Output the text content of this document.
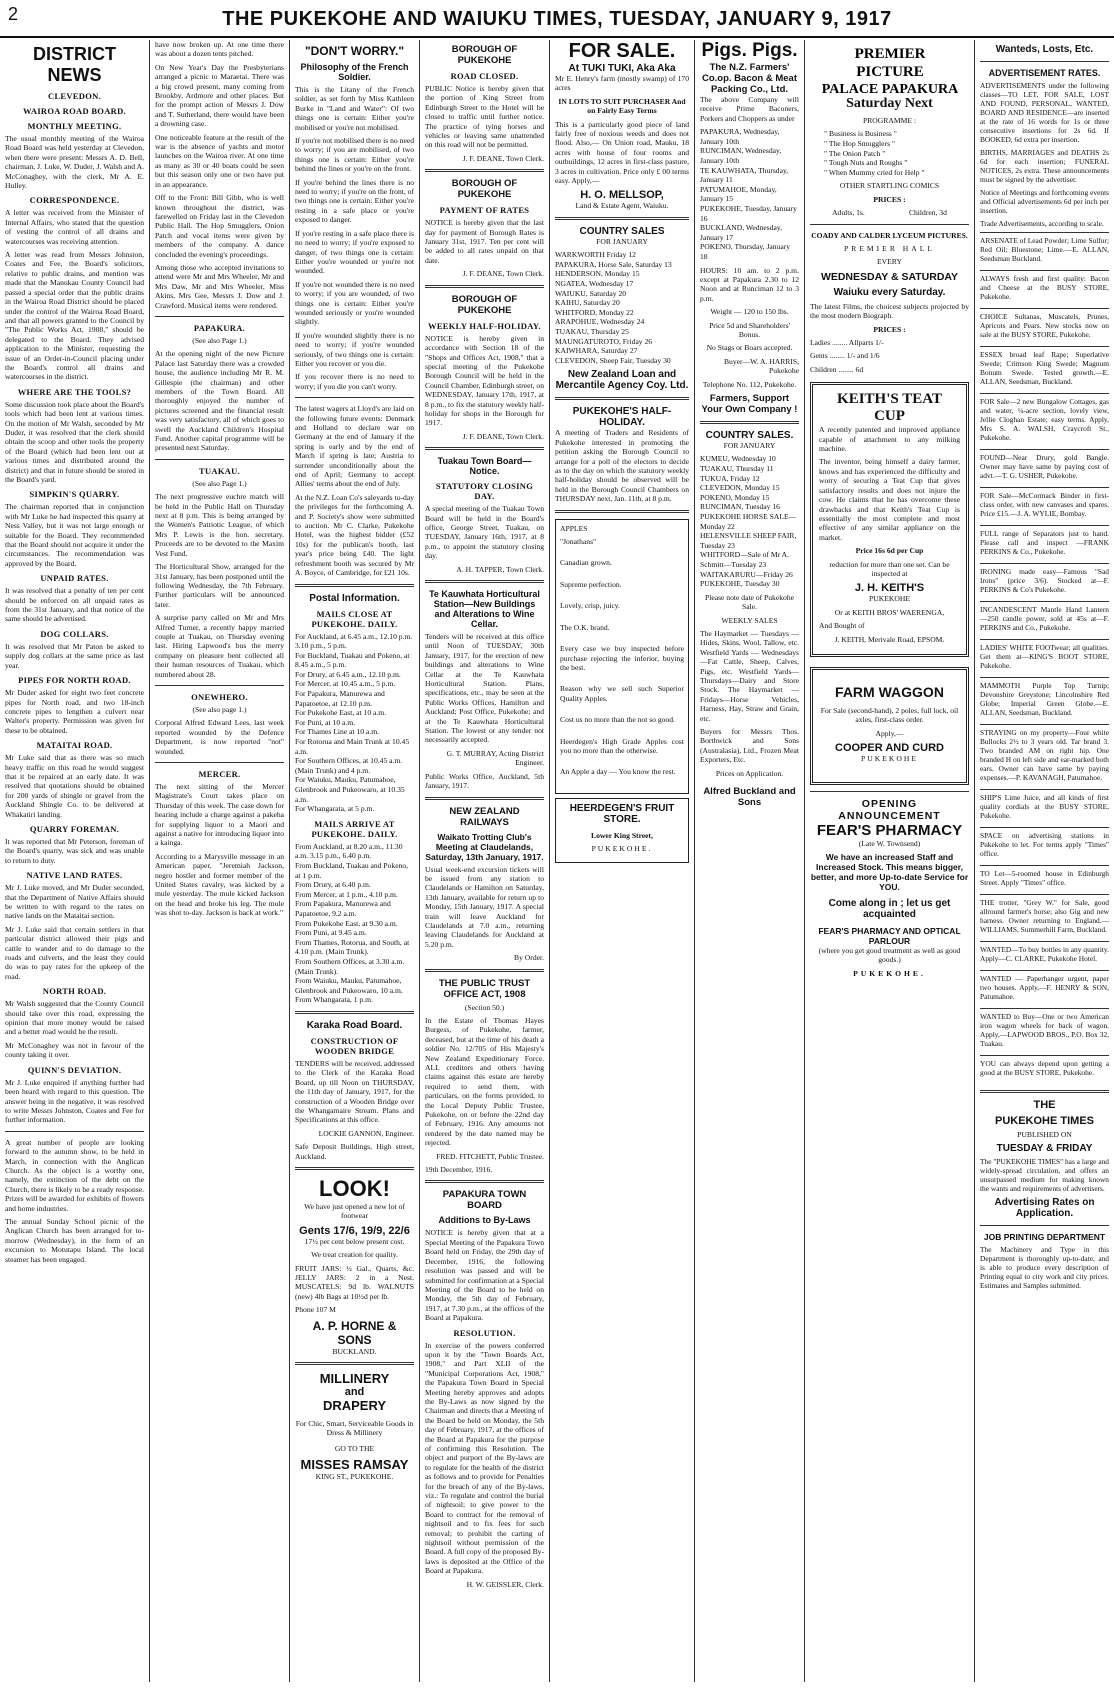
2	THE PUKEKOHE AND WAIUKU TIMES, TUESDAY, JANUARY 9, 1917
DISTRICT NEWS
CLEVEDON.
WAIROA ROAD BOARD.
MONTHLY MEETING.

The usual monthly meeting of the Wairoa Road Board was held yesterday at Clevedon, when there were present: Messrs A. D. Bell, chairman, J. Luke, W. Duder, J. Walsh and A. McConaghey, with the clerk, Mr A. E. Hulley.

CORRESPONDENCE.

A letter was received from the Minister of Internal Affairs, who stated that the question of vesting the control of all drains and watercourses was receiving attention.

A letter was read from Messrs Johnston, Coates and Fee, the Board's solicitors, relative to public drains, and mention was made that the Manukau County Council had passed a special order that the public drains in the Wairoa Road District should be placed under the control of the Wairoa Road Board, and that all powers granted to the Council by "The Public Works Act, 1908," should be delegated to the Board. They advised application to the Minister, requesting the issue of an Order-in-Council placing under the Board's control all drains and watercourses in the district.

WHERE ARE THE TOOLS?

Some discussion took place about the Board's tools which had been lent at various times. On the motion of Mr Walsh, seconded by Mr Duder, it was resolved that the clerk should obtain the scoop and other tools the property of the Board (which had been lent out at various times and distributed around the district) and that in future should be stored in the Board's yard.

SIMPKIN'S QUARRY.

The chairman reported that in conjunction with Mr Luke he had inspected this quarry at Ness Valley, but it was not large enough or suitable for the Board. They recommended that the Board should not acquire it under the circumstances. The recommendation was approved by the Board.

UNPAID RATES.

It was resolved that a penalty of ten per cent should be enforced on all unpaid rates as from the 31st January, and that notice of the same should be advertised.

DOG COLLARS.

It was resolved that Mr Paton be asked to supply dog collars at the same price as last year.

PIPES FOR NORTH ROAD.

Mr Duder asked for eight two feet concrete pipes for North road, and two 18-inch concrete pipes to lengthen a culvert near Walter's property. Permission was given for these to be obtained.

MATAITAI ROAD.

Mr Luke said that as there was so much heavy traffic on this road he would suggest that it be repaired at an early date. It was resolved that quotations should be obtained for 200 yards of shingle or gravel from the Auckland Shingle Co. to be delivered at Whakatiri landing.

QUARRY FOREMAN.

It was reported that Mr Peterson, foreman of the Board's quarry, was sick and was unable to return to duty.

NATIVE LAND RATES.

Mr J. Luke moved, and Mr Duder seconded, that the Department of Native Affairs should be written to with regard to the rates on native lands on the Mataitai section.

Mr J. Luke said that certain settlers in that particular district allowed their pigs and cattle to wander and to do damage to the roads and culverts, and the least they could do was to pay rates for the upkeep of the road.

NORTH ROAD.

Mr Walsh suggested that the County Council should take over this road, expressing the opinion that more money would be raised and a better road would be the result.

Mr McConaghey was not in favour of the county taking it over.

QUINN'S DEVIATION.

Mr J. Luke enquired if anything further had been heard with regard to this question. The answer being in the negative, it was resolved to write Messrs Johnston, Coates and Fee for further information.

A great number of people are looking forward to the autumn show, to be held in March, in connection with the Anglican Church. As the object is a worthy one, namely, the extinction of the debt on the Church, there is likely to be a ready response. Prizes will be awarded for exhibits of flowers and home industries.

The annual Sunday School picnic of the Anglican Church has been arranged for to-morrow (Wednesday), in the form of an excursion to Motutapu Island. The local steamer has been engaged.

have now broken up. At one time there was about a dozen tents pitched.

On New Year's Day the Presbyterians arranged a picnic to Maraetai. There was a big crowd present, many coming from Brookby, Ardmore and other places. But for the prompt action of Messrs J. Dow and T. Sutherland, there would have been a drowning case.

One noticeable feature at the result of the war is the absence of yachts and motor launches on the Wairoa river. At one time as many as 30 or 40 boats could be seen but this season only one or two have put in an appearance.

Off to the Front: Bill Gibb, who is well known throughout the district, was farewelled on Friday last in the Clevedon Public Hall. The Hop Smugglers, Onion Patch and vocal items were given by members of the company. A dance concluded the evening's proceedings.

Among those who accepted invitations to attend were Mr and Mrs Wheeler, Mr and Mrs Daw, Mr and Mrs Wheeler, Miss Akins, Mrs Gee, Messrs J. Dow and J. Crawford. Musical items were rendered.

PAPAKURA.
(See also Page 1.)

At the opening night of the new Picture Palace last Saturday there was a crowded house, the audience including Mr R. M. Gillespie (the chairman) and other members of the Town Board. All thoroughly enjoyed the number of pictures screened and the financial result was very satisfactory, all of which goes to swell the Auckland Children's Hospital Fund. Another capital programme will be presented next Saturday.

TUAKAU.
(See also Page 1.)

The next progressive euchre match will be held in the Public Hall on Thursday next at 8 p.m. This is being arranged by the Women's Patriotic League, of which Mrs P. Lewis is the hon. secretary. Proceeds are to be devoted to the Maxim Vest Fund.

The Horticultural Show, arranged for the 31st January, has been postponed until the following Wednesday, the 7th February. Further particulars will be announced later.

A surprise party called on Mr and Mrs Alfred Turner, a recently happy married couple at Tuakau, on Thursday evening last. Hiring Lapwood's bus the merry company on pleasure bent collected all their human resources of Tuakau, which numbered about 28.

ONEWHERO.
(See also page 1.)

Corporal Alfred Edward Lees, last week reported wounded by the Defence Department, is now reported "not" wounded.

MERCER.

The next sitting of the Mercer Magistrate's Court takes place on Thursday of this week. The case down for hearing include a charge against a pakeha for supplying liquor to a Maori and against a native for introducing liquor into a kainga.

According to a Marysville message in an American paper, "Jeremiah Jackson, negro hostler and former member of the United States cavalry, was kicked by a mule yesterday. The mule kicked Jackson on the head and broke his leg. The mule was shot to-day. Jackson is back at work."

"DON'T WORRY."
Philosophy of the French Soldier.

This is the Litany of the French soldier, as set forth by Miss Kathleen Burke in "Land and Water": Of two things one is certain: Either you're mobilised or you're not mobilised.

If you're not mobilised there is no need to worry; if you are mobilised, of two things one is certain: Either you're behind the lines or you're on the front.

If you're behind the lines there is no need to worry; if you're on the front, of two things one is certain: Either you're resting in a safe place or you're exposed to danger.

If you're resting in a safe place there is no need to worry; if you're exposed to danger, of two things one is certain: Either you're wounded or you're not wounded.

If you're not wounded there is no need to worry; if you are wounded, of two things one is certain: Either you're wounded seriously or you're wounded slightly.

If you're wounded slightly there is no need to worry; if you're wounded seriously, of two things one is certain: Either you recover or you die.

If you recover there is no need to worry; if you die you can't worry.

The latest wagers at Lloyd's are laid on the following future events: Denmark and Holland to declare war on Germany at the end of January if the spring is early and by the end of March if spring is late; Austria to surrender unconditionally about the end of April; Germany to accept Allies' terms about the end of July.

At the N.Z. Loan Co's saleyards to-day the privileges for the forthcoming A. and P. Society's show were submitted to auction. Mr C. Clarke, Pukekohe Hotel, was the highest bidder (£52 10s) for the publican's booth, last year's price being £40. The light refreshment booth was secured by Mr A. Boyce, of Cambridge, for £21 10s.

Postal Information.
MAILS CLOSE AT PUKEKOHE. DAILY.
For Auckland, at 6.45 a.m., 12.10 p.m. 3.10 p.m., 5 p.m.
For Buckland, Tuakau and Pokeno, at 8.45 a.m., 5 p.m.
For Drury, at 6.45 a.m., 12.10 p.m.
For Mercer, at 10.45 a.m., 5 p.m.
For Papakura, Manurewa and Papatoetoe, at 12.10 p.m.
For Pukekohe East, at 10 a.m.
For Puni, at 10 a.m.
For Thames Line at 10 a.m.
For Rotorua and Main Trunk at 10.45 a.m.
For Southern Offices, at 10.45 a.m. (Main Trunk) and 4 p.m.
For Waiuku, Mauku, Patumahoe, Glenbrook and Pukeowaro, at 10.35 a.m.
For Whangarata, at 5 p.m.
MAILS ARRIVE AT PUKEKOHE. DAILY.
From Auckland, at 8.20 a.m., 11.30 a.m. 3.15 p.m., 6.40 p.m.
From Buckland, Tuakau and Pokeno, at 1 p.m.
From Drury, at 6.40 p.m.
From Mercer, at 1 p.m., 4.10 p.m.
From Papakura, Manurewa and Papatoetoe, 9.2 a.m.
From Pukekohe East, at 9.30 a.m.
From Puni, at 9.45 a.m.
From Thames, Rotorua, and South, at 4.10 p.m. (Main Trunk).
From Southern Offices, at 3.30 a.m. (Main Trunk).
From Waiuku, Mauku, Patumahoe, Glenbrook and Pukeowaro, 10 a.m.
From Whangarata, 1 p.m.
Karaka Road Board.
CONSTRUCTION OF WOODEN BRIDGE

TENDERS will be received, addressed to the Clerk of the Karaka Road Board, up till Noon on THURSDAY, the 11th day of January, 1917, for the construction of a Wooden Bridge over the Whangamaire Stream. Plans and Specifications at this office.

LOCKIE GANNON, Engineer.
Safe Deposit Buildings, High street, Auckland.
LOOK!
We have just opened a new lot of footwear
Gents 17/6, 19/9, 22/6
17½ per cent below present cost.
We treat creation for quality.

FRUIT JARS: ½ Gal., Quarts, &c. JELLY JARS: 2 in a Nest. MUSCATELS: 9d lb. WALNUTS (new) 4lb Bags at 10½d per lb.

Phone 107 M
A. P. HORNE & SONS
BUCKLAND.
MILLINERY
and
DRAPERY
For Chic, Smart, Serviceable Goods in Dress & Millinery
GO TO THE
MISSES RAMSAY
KING ST., PUKEKOHE.
BOROUGH OF PUKEKOHE
ROAD CLOSED.

PUBLIC Notice is hereby given that the portion of King Street from Edinburgh Street to the Hotel will be closed to traffic until further notice. The practice of tying horses and vehicles or leaving same unattended on this road will not be permitted.

J. F. DEANE, Town Clerk.
BOROUGH OF PUKEKOHE
PAYMENT OF RATES

NOTICE is hereby given that the last day for payment of Borough Rates is January 31st, 1917. Ten per cent will be added to all rates unpaid on that date.

J. F. DEANE, Town Clerk.
BOROUGH OF PUKEKOHE
WEEKLY HALF-HOLIDAY.

NOTICE is hereby given in accordance with Section 18 of the "Shops and Offices Act, 1908," that a special meeting of the Pukekohe Borough Council will be held in the Council Chamber, Edinburgh street, on WEDNESDAY, January 17th, 1917, at 8 p.m., to fix the statutory weekly half-holiday for shops in the Borough for 1917.

J. F. DEANE, Town Clerk.
Tuakau Town Board—Notice.
STATUTORY CLOSING DAY.

A special meeting of the Tuakau Town Board will be held in the Board's office, George Street, Tuakau, on TUESDAY, January 16th, 1917, at 8 p.m., to appoint the statutory closing day.

A. H. TAPPER, Town Clerk.
Te Kauwhata Horticultural Station—New Buildings and Alterations to Wine Cellar.

Tenders will be received at this office until Noon of TUESDAY, 30th January, 1917, for the erection of new buildings and alterations to Wine Cellar at the Te Kauwhata Horticultural Station. Plans, specifications, etc., may be seen at the Public Works Offices, Hamilton and Auckland; Post Office, Pukekohe; and at the Te Kauwhata Horticultural Station. The lowest or any tender not necessarily accepted.

G. T. MURRAY, Acting District Engineer.
Public Works Office, Auckland, 5th January, 1917.
NEW ZEALAND RAILWAYS
Waikato Trotting Club's Meeting at Claudelands, Saturday, 13th January, 1917.

Usual week-end excursion tickets will be issued from any station to Claudelands or Hamilton on Saturday, 13th January, available for return up to Monday, 15th January, 1917. A special train will leave Auckland for Claudelands at 7.0 a.m., returning leaving Claudelands for Auckland at 5.20 p.m.

By Order.
THE PUBLIC TRUST OFFICE ACT, 1908
(Section 50.)

In the Estate of Thomas Hayes Burgess, of Pukekohe, farmer, deceased, but at the time of his death a soldier No. 12/705 of His Majesty's New Zealand Expeditionary Force. ALL creditors and others having claims against this estate are hereby required to send them, with particulars, on the forms provided, to the Local Deputy Public Trustee, Pukekohe, on or before the 22nd day of February, 1916. Any amounts not rendered by the date named may be rejected.

FRED. FITCHETT, Public Trustee.
19th December, 1916.
PAPAKURA TOWN BOARD
Additions to By-Laws

NOTICE is hereby given that at a Special Meeting of the Papakura Town Board held on Friday, the 29th day of December, 1916, the following resolution was passed and will be submitted for confirmation at a Special Meeting of the Board to be held on Monday, the 5th day of February, 1917, at 7.30 p.m., at the offices of the Board at Papakura.

RESOLUTION.

In exercise of the powers conferred upon it by the "Town Boards Act, 1908," and Part XLII of the "Municipal Corporations Act, 1908," the Papakura Town Board in Special Meeting hereby approves and adopts the By-Laws as now signed by the Chairman and directs that a Meeting of the Board be held on Monday, the 5th day of February, 1917, at the offices of the Board at Papakura for the purpose of confirming this Resolution. The object and purport of the By-laws are to regulate for the health of the district as follows and to provide for Penalties for the breach of any of the By-laws, viz.: To regulate and control the burial of nightsoil; to give power to the Board to contract for the removal of nightsoil and to fix fees for such removal; to prohibit the carting of nightsoil without permission of the Board. A full copy of the proposed By-laws is deposited at the Office of the Board at Papakura.

H. W. GEISSLER, Clerk.
FOR SALE.
At TUKI TUKI, Aka Aka

Mr E. Henry's farm (mostly swamp) of 170 acres

IN LOTS TO SUIT PURCHASER And on Fairly Easy Terms

This is a particularly good piece of land fairly free of noxious weeds and does not flood. Also,— On Union road, Mauku, 18 acres with house of four rooms and outbuildings, 12 acres in first-class pasture, 3 acres in cultivation. Price only £ 00 terms easy. Apply,—

H. O. MELLSOP,
Land & Estate Agent, Waiuku.
COUNTRY SALES
FOR JANUARY
WARKWORTH Friday 12
PAPAKURA, Horse Sale, Saturday 13
HENDERSON, Monday 15
NGATEA, Wednesday 17
WAIUKU, Saturday 20
KAIHU, Saturday 20
WHITFORD, Monday 22
ARAPOHUE, Wednesday 24
TUAKAU, Thursday 25
MAUNGATUROTO, Friday 26
KAIWHARA, Saturday 27
CLEVEDON, Sheep Fair, Tuesday 30
New Zealand Loan and Mercantile Agency Coy. Ltd.
PUKEKOHE'S HALF-HOLIDAY.

A meeting of Traders and Residents of Pukekohe interested in promoting the petition asking the Borough Council to arrange for a poll of the electors to decide as to the day on which the statutory weekly half-holiday should be observed will be held in the Borough Council Chambers on THURSDAY next, Jan. 11th, at 8 p.m.

APPLES
"Jonathans"
Canadian grown.
Supreme perfection.
Lovely, crisp, juicy.
The O.K. brand.
Every case we buy inspected before purchase rejecting the inferior, buying the best.
Reason why we sell such Superior Quality Apples.
Cost us no more than the not so good.
Heerdegen's High Grade Apples cost you no more than the otherwise.
An Apple a day — You know the rest.
HEERDEGEN'S FRUIT
STORE.
Lower King Street,
PUKEKOHE.
Pigs. Pigs.
The N.Z. Farmers' Co.op. Bacon & Meat Packing Co., Ltd.

The above Company will receive Prime Baconers, Porkers and Choppers as under

PAPAKURA, Wednesday, January 10th
RUNCIMAN, Wednesday, January 10th
TE KAUWHATA, Thursday, January 11
PATUMAHOE, Monday, January 15
PUKEKOHE, Tuesday, January 16
BUCKLAND, Wednesday, January 17
POKENO, Thursday, January 18

HOURS: 10 am. to 2 p.m. except at Papakura 2.30 to 12 Noon and at Runciman 12 to 3 p.m.

Weight — 120 to 150 lbs.
Price 5d and Shareholders' Bonus.
No Stags or Boars accepted.
Buyer—W. A. HARRIS, Pukekohe
Telephone No. 112, Pukekohe.
Farmers, Support Your Own Company !
COUNTRY SALES.
FOR JANUARY
KUMEU, Wednesday 10
TUAKAU, Thursday 11
TUKUA, Friday 12
CLEVEDON, Monday 15
POKENO, Monday 15
RUNCIMAN, Tuesday 16
PUKEKOHE HORSE SALE—Monday 22
HELENSVILLE SHEEP FAIR, Tuesday 23
WHITFORD—Sale of Mr A. Schmitt—Tuesday 23
WAITAKARURU—Friday 26
PUKEKOHE, Tuesday 30
Please note date of Pukekohe Sale.
WEEKLY SALES

The Haymarket — Tuesdays — Hides, Skins, Wool, Tallow, etc. Westfield Yards — Wednesdays—Fat Cattle, Sheep, Calves, Pigs, etc. Westfield Yards—Thursdays—Dairy and Store Stock. The Haymarket — Fridays—Horse Vehicles, Harness, Hay, Straw and Grain, etc.

Buyers for Messrs Thos. Borthwick and Sons (Australasia), Ltd., Frozen Meat Exporters, Etc.

Prices on Application.
Alfred Buckland and Sons
PREMIER
PICTURE
PALACE PAPAKURA
Saturday Next
PROGRAMME :
" Business is Business "
" The Hop Smugglers "
" The Onion Patch "
" Tough Nuts and Roughs "
" When Mummy cried for Help "
OTHER STARTLING COMICS
PRICES :
Adults, 1s.	Children, 3d
COADY AND CALDER LYCEUM PICTURES.
PREMIER HALL
EVERY
WEDNESDAY & SATURDAY
Waiuku every Saturday.

The latest Films, the choicest subjects projected by the most modern Biograph.

PRICES :
Ladies ........ Allparts 1/-
Gents ........ 1/- and 1/6
Children ........ 6d
KEITH'S TEAT
CUP

A recently patented and improved appliance capable of attachment to any milking machine.

The inventor, being himself a dairy farmer, knows and has experienced the difficulty and worry of securing a Teat Cup that gives satisfactory results and does not injure the cow. He claims that he has overcome these drawbacks and that Keith's Teat Cup is essentially the most complete and most effective of any similar appliance on the market.

Price 16s 6d per Cup
reduction for more than one set. Can be inspected at
J. H. KEITH'S
PUKEKOHE
Or at KEITH BROS' WAERENGA,
And Bought of
J. KEITH, Merivale Road, EPSOM.
FARM WAGGON

For Sale (second-hand), 2 poles, full lock, oil axles, first-class order.

Apply,—
COOPER AND CURD
PUKEKOHE
OPENING ANNOUNCEMENT
FEAR'S PHARMACY
(Late W. Townsend)
We have an increased Staff and Increased Stock. This means bigger, better, and more Up-to-date Service for YOU.
Come along in ; let us get acquainted
FEAR'S PHARMACY AND OPTICAL PARLOUR
(where you get good treatment as well as good goods.)
PUKEKOHE.
Wanteds, Losts, Etc.
ADVERTISEMENT RATES.

ADVERTISEMENTS under the following classes—TO LET, FOR SALE, LOST AND FOUND, PERSONAL, WANTED, BOARD AND RESIDENCE—are inserted at the rate of 16 words for 1s or three consecutive insertions for 2s 6d. If BOOKED, 6d extra per insertion.

BIRTHS, MARRIAGES and DEATHS 2s 6d for each insertion; FUNERAL NOTICES, 2s extra. These announcements must be signed by the advertiser.

Notice of Meetings and forthcoming events and Official advertisements 6d per inch per insertion.

Trade Advertisements, according to scale.

ARSENATE of Lead Powder; Lime Sulfur; Red Oil; Bluestone; Lime.—E. ALLAN, Seedsman Buckland.

ALWAYS fresh and first quality: Bacon and Cheese at the BUSY STORE, Pukekohe.

CHOICE Sultanas, Muscatels, Prunes, Apricots and Pears. New stocks now on sale at the BUSY STORE, Pukekohe.

ESSEX broad leaf Rape; Superlative Swede; Crimson King Swede; Magnum Bonum Swede. Tested growth.—E. ALLAN, Seedsman, Buckland.

FOR Sale—2 new Bungalow Cottages, gas and water, ¼-acre section, lovely view, Jellie Cloghan Estate; easy terms. Apply, Mrs S. A. WALSH, Craycroft St., Pukekohe.

FOUND—Near Drury, gold Bangle. Owner may have same by paying cost of advt.—T. G. USHER, Pukekohe.

FOR Sale—McCormack Binder in first-class order, with new canvases and spares. Price £15.—J. A. WYLIE, Bombay.

FULL range of Separators just to hand. Please call and inspect —FRANK PERKINS & Co., Pukekohe.

IRONING made easy—Famous "Sad Irons" (price 3/6). Stocked at—F. PERKINS & Co's Pukekohe.

INCANDESCENT Mantle Hand Lantern—250 candle power, sold at 45s at—F. PERKINS and Co., Pukekohe.

LADIES' WHITE FOOTwear; all qualities. Get them at—KING'S BOOT STORE, Pukekohe.

MAMMOTH Purple Top Turnip; Devonshire Greystone; Lincolnshire Red Globe; Imperial Green Globe.—E. ALLAN, Seedsman, Buckland.

STRAYING on my property—Four white Bullocks 2½ to 3 years old. Tar brand 3. Two branded AM on right hip. One branded H on left side and ear-marked both ears. Owner can have same by paying expenses.—P. KAVANAGH, Patumahoe.

SHIP'S Lime Juice, and all kinds of first quality cordials at the BUSY STORE, Pukekohe.

SPACE on advertising stations in Pukekohe to let. For terms apply "Times" office.

TO Let—5-roomed house in Edinburgh Street. Apply "Times" office.

THE trotter, "Grey W." for Sale, good allround farmer's horse; also Gig and new harness. Owner returning to England.—WILLIAMS, Summerhill Farm, Buckland.

WANTED—To buy bottles in any quantity. Apply—C. CLARKE, Pukekohe Hotel.

WANTED — Paperhanger urgent, paper two houses. Apply,—F. HENRY & SON, Patumahoe.

WANTED to Buy—One or two American iron wagon wheels for back of wagon. Apply,—LAPWOOD BROS., P.O. Box 32, Tuakau.

YOU can always depend upon getting a good at the BUSY STORE, Pukekohe.

THE
PUKEKOHE TIMES
PUBLISHED ON
TUESDAY & FRIDAY

The "PUKEKOHE TIMES" has a large and widely-spread circulation, and offers an unsurpassed medium for making known the wants and requirements of advertisers.

Advertising Rates on Application.
JOB PRINTING DEPARTMENT

The Machinery and Type in this Department is thoroughly up-to-date, and is able to produce every description of Printing equal to city work and city prices. Estimates and Samples submitted.
